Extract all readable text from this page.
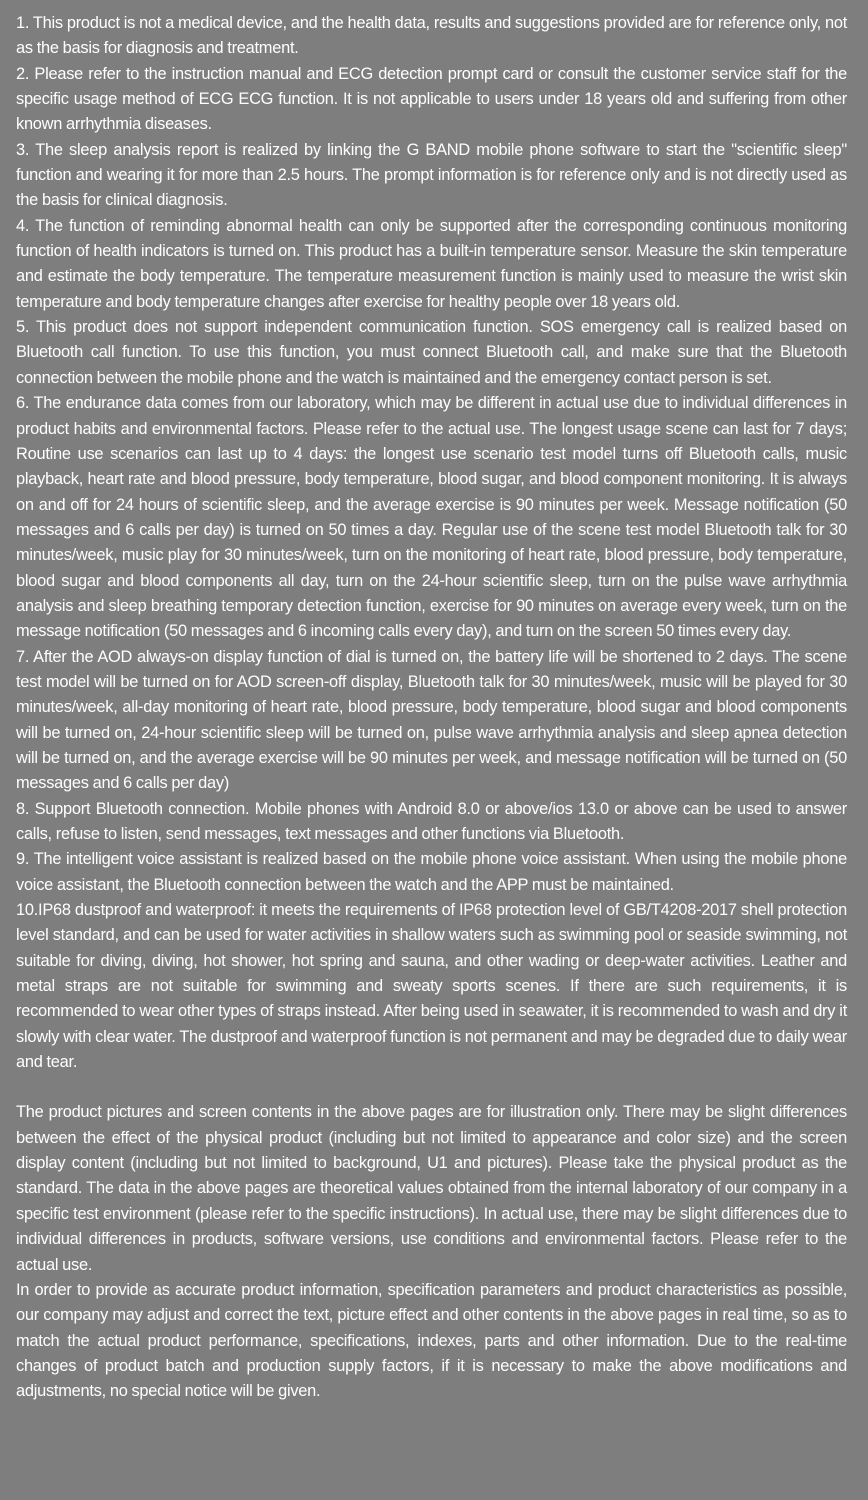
1. This product is not a medical device, and the health data, results and suggestions provided are for reference only, not as the basis for diagnosis and treatment.

2. Please refer to the instruction manual and ECG detection prompt card or consult the customer service staff for the specific usage method of ECG ECG function. It is not applicable to users under 18 years old and suffering from other known arrhythmia diseases.

3. The sleep analysis report is realized by linking the G BAND mobile phone software to start the "scientific sleep" function and wearing it for more than 2.5 hours. The prompt information is for reference only and is not directly used as the basis for clinical diagnosis.

4. The function of reminding abnormal health can only be supported after the corresponding continuous monitoring function of health indicators is turned on. This product has a built-in temperature sensor. Measure the skin temperature and estimate the body temperature. The temperature measurement function is mainly used to measure the wrist skin temperature and body temperature changes after exercise for healthy people over 18 years old.

5. This product does not support independent communication function. SOS emergency call is realized based on Bluetooth call function. To use this function, you must connect Bluetooth call, and make sure that the Bluetooth connection between the mobile phone and the watch is maintained and the emergency contact person is set.

6. The endurance data comes from our laboratory, which may be different in actual use due to individual differences in product habits and environmental factors. Please refer to the actual use. The longest usage scene can last for 7 days; Routine use scenarios can last up to 4 days: the longest use scenario test model turns off Bluetooth calls, music playback, heart rate and blood pressure, body temperature, blood sugar, and blood component monitoring. It is always on and off for 24 hours of scientific sleep, and the average exercise is 90 minutes per week. Message notification (50 messages and 6 calls per day) is turned on 50 times a day. Regular use of the scene test model Bluetooth talk for 30 minutes/week, music play for 30 minutes/week, turn on the monitoring of heart rate, blood pressure, body temperature, blood sugar and blood components all day, turn on the 24-hour scientific sleep, turn on the pulse wave arrhythmia analysis and sleep breathing temporary detection function, exercise for 90 minutes on average every week, turn on the message notification (50 messages and 6 incoming calls every day), and turn on the screen 50 times every day.

7. After the AOD always-on display function of dial is turned on, the battery life will be shortened to 2 days. The scene test model will be turned on for AOD screen-off display, Bluetooth talk for 30 minutes/week, music will be played for 30 minutes/week, all-day monitoring of heart rate, blood pressure, body temperature, blood sugar and blood components will be turned on, 24-hour scientific sleep will be turned on, pulse wave arrhythmia analysis and sleep apnea detection will be turned on, and the average exercise will be 90 minutes per week, and message notification will be turned on (50 messages and 6 calls per day)

8. Support Bluetooth connection. Mobile phones with Android 8.0 or above/ios 13.0 or above can be used to answer calls, refuse to listen, send messages, text messages and other functions via Bluetooth.

9. The intelligent voice assistant is realized based on the mobile phone voice assistant. When using the mobile phone voice assistant, the Bluetooth connection between the watch and the APP must be maintained.

10.IP68 dustproof and waterproof: it meets the requirements of IP68 protection level of GB/T4208-2017 shell protection level standard, and can be used for water activities in shallow waters such as swimming pool or seaside swimming, not suitable for diving, diving, hot shower, hot spring and sauna, and other wading or deep-water activities. Leather and metal straps are not suitable for swimming and sweaty sports scenes. If there are such requirements, it is recommended to wear other types of straps instead. After being used in seawater, it is recommended to wash and dry it slowly with clear water. The dustproof and waterproof function is not permanent and may be degraded due to daily wear and tear.

The product pictures and screen contents in the above pages are for illustration only. There may be slight differences between the effect of the physical product (including but not limited to appearance and color size) and the screen display content (including but not limited to background, U1 and pictures). Please take the physical product as the standard. The data in the above pages are theoretical values obtained from the internal laboratory of our company in a specific test environment (please refer to the specific instructions). In actual use, there may be slight differences due to individual differences in products, software versions, use conditions and environmental factors. Please refer to the actual use.

In order to provide as accurate product information, specification parameters and product characteristics as possible, our company may adjust and correct the text, picture effect and other contents in the above pages in real time, so as to match the actual product performance, specifications, indexes, parts and other information. Due to the real-time changes of product batch and production supply factors, if it is necessary to make the above modifications and adjustments, no special notice will be given.
